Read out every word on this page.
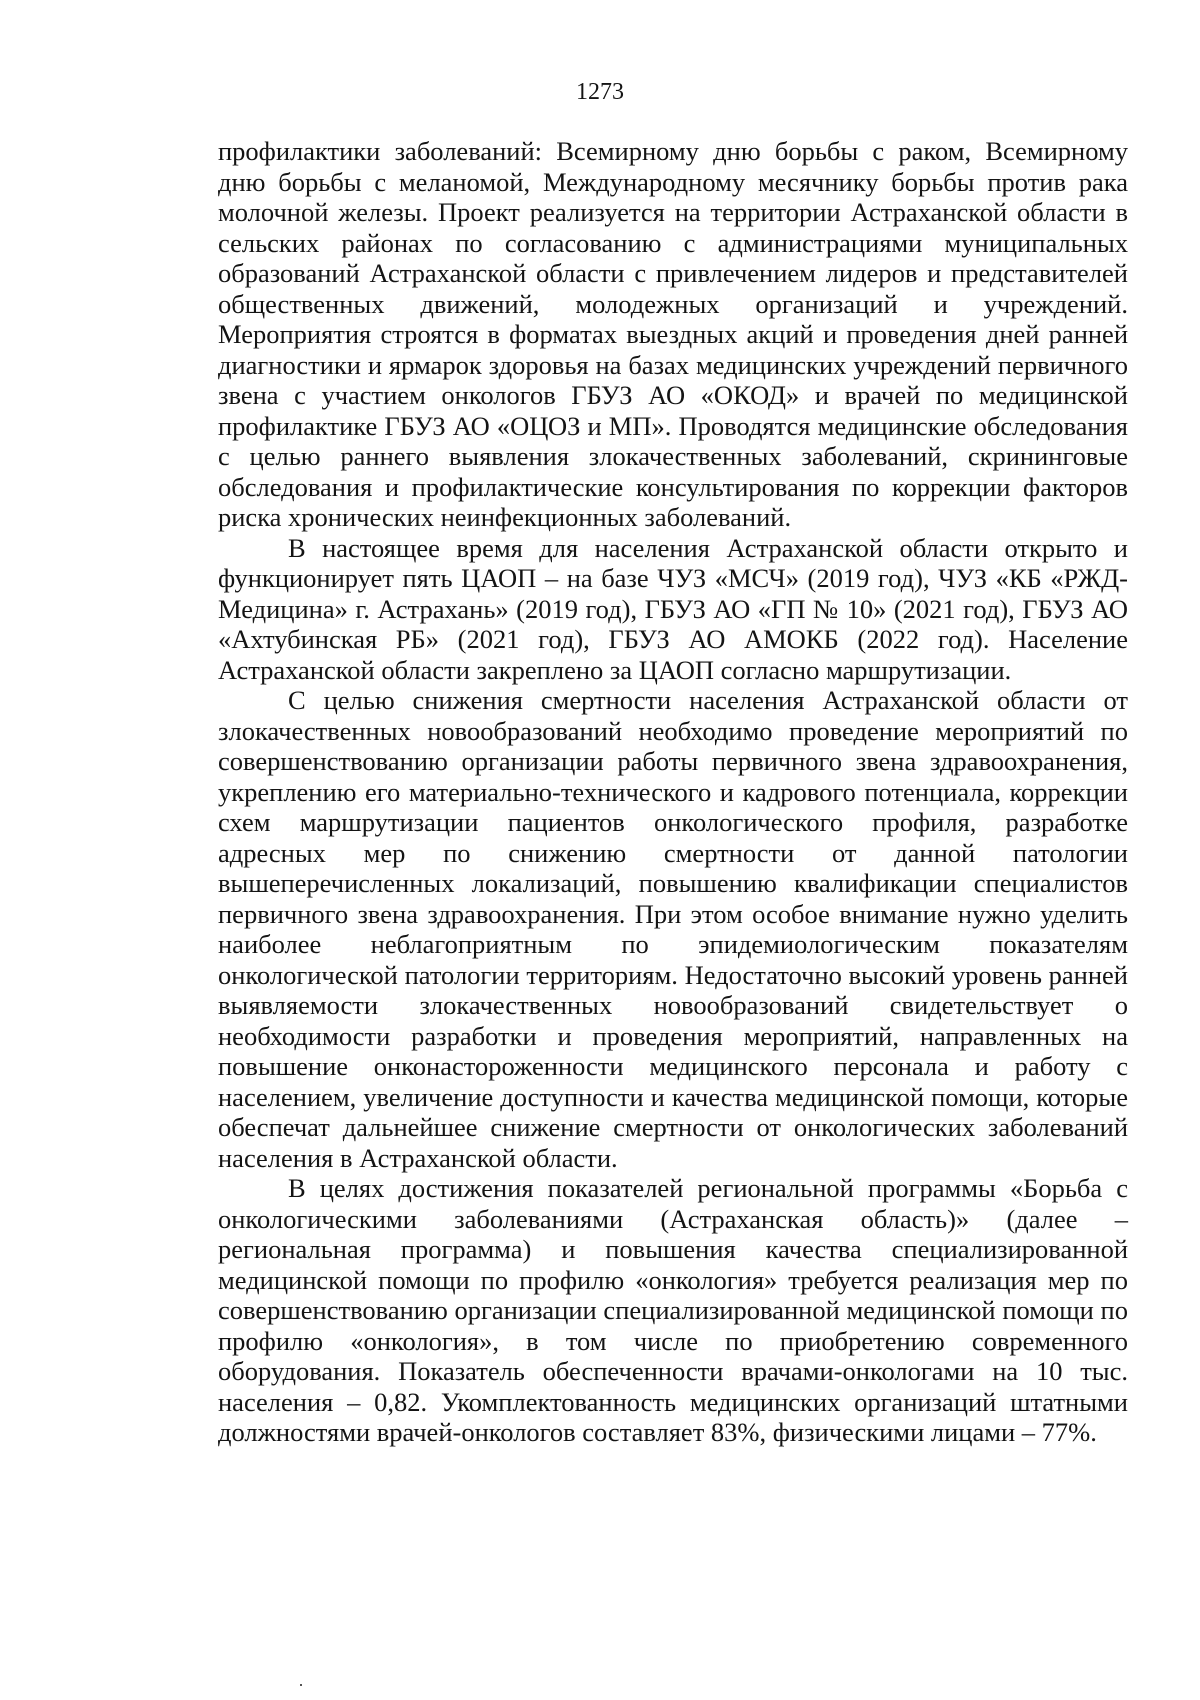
1273

профилактики заболеваний: Всемирному дню борьбы с раком, Всемирному дню борьбы с меланомой, Международному месячнику борьбы против рака молочной железы. Проект реализуется на территории Астраханской области в сельских районах по согласованию с администрациями муниципальных образований Астраханской области с привлечением лидеров и представителей общественных движений, молодежных организаций и учреждений. Мероприятия строятся в форматах выездных акций и проведения дней ранней диагностики и ярмарок здоровья на базах медицинских учреждений первичного звена с участием онкологов ГБУЗ АО «ОКОД» и врачей по медицинской профилактике ГБУЗ АО «ОЦОЗ и МП». Проводятся медицинские обследования с целью раннего выявления злокачественных заболеваний, скрининговые обследования и профилактические консультирования по коррекции факторов риска хронических неинфекционных заболеваний.

В настоящее время для населения Астраханской области открыто и функционирует пять ЦАОП – на базе ЧУЗ «МСЧ» (2019 год), ЧУЗ «КБ «РЖД-Медицина» г. Астрахань» (2019 год), ГБУЗ АО «ГП № 10» (2021 год), ГБУЗ АО «Ахтубинская РБ» (2021 год), ГБУЗ АО АМОКБ (2022 год). Население Астраханской области закреплено за ЦАОП согласно маршрутизации.

С целью снижения смертности населения Астраханской области от злокачественных новообразований необходимо проведение мероприятий по совершенствованию организации работы первичного звена здравоохранения, укреплению его материально-технического и кадрового потенциала, коррекции схем маршрутизации пациентов онкологического профиля, разработке адресных мер по снижению смертности от данной патологии вышеперечисленных локализаций, повышению квалификации специалистов первичного звена здравоохранения. При этом особое внимание нужно уделить наиболее неблагоприятным по эпидемиологическим показателям онкологической патологии территориям. Недостаточно высокий уровень ранней выявляемости злокачественных новообразований свидетельствует о необходимости разработки и проведения мероприятий, направленных на повышение онконастороженности медицинского персонала и работу с населением, увеличение доступности и качества медицинской помощи, которые обеспечат дальнейшее снижение смертности от онкологических заболеваний населения в Астраханской области.

В целях достижения показателей региональной программы «Борьба с онкологическими заболеваниями (Астраханская область)» (далее – региональная программа) и повышения качества специализированной медицинской помощи по профилю «онкология» требуется реализация мер по совершенствованию организации специализированной медицинской помощи по профилю «онкология», в том числе по приобретению современного оборудования. Показатель обеспеченности врачами-онкологами на 10 тыс. населения – 0,82. Укомплектованность медицинских организаций штатными должностями врачей-онкологов составляет 83%, физическими лицами – 77%.
